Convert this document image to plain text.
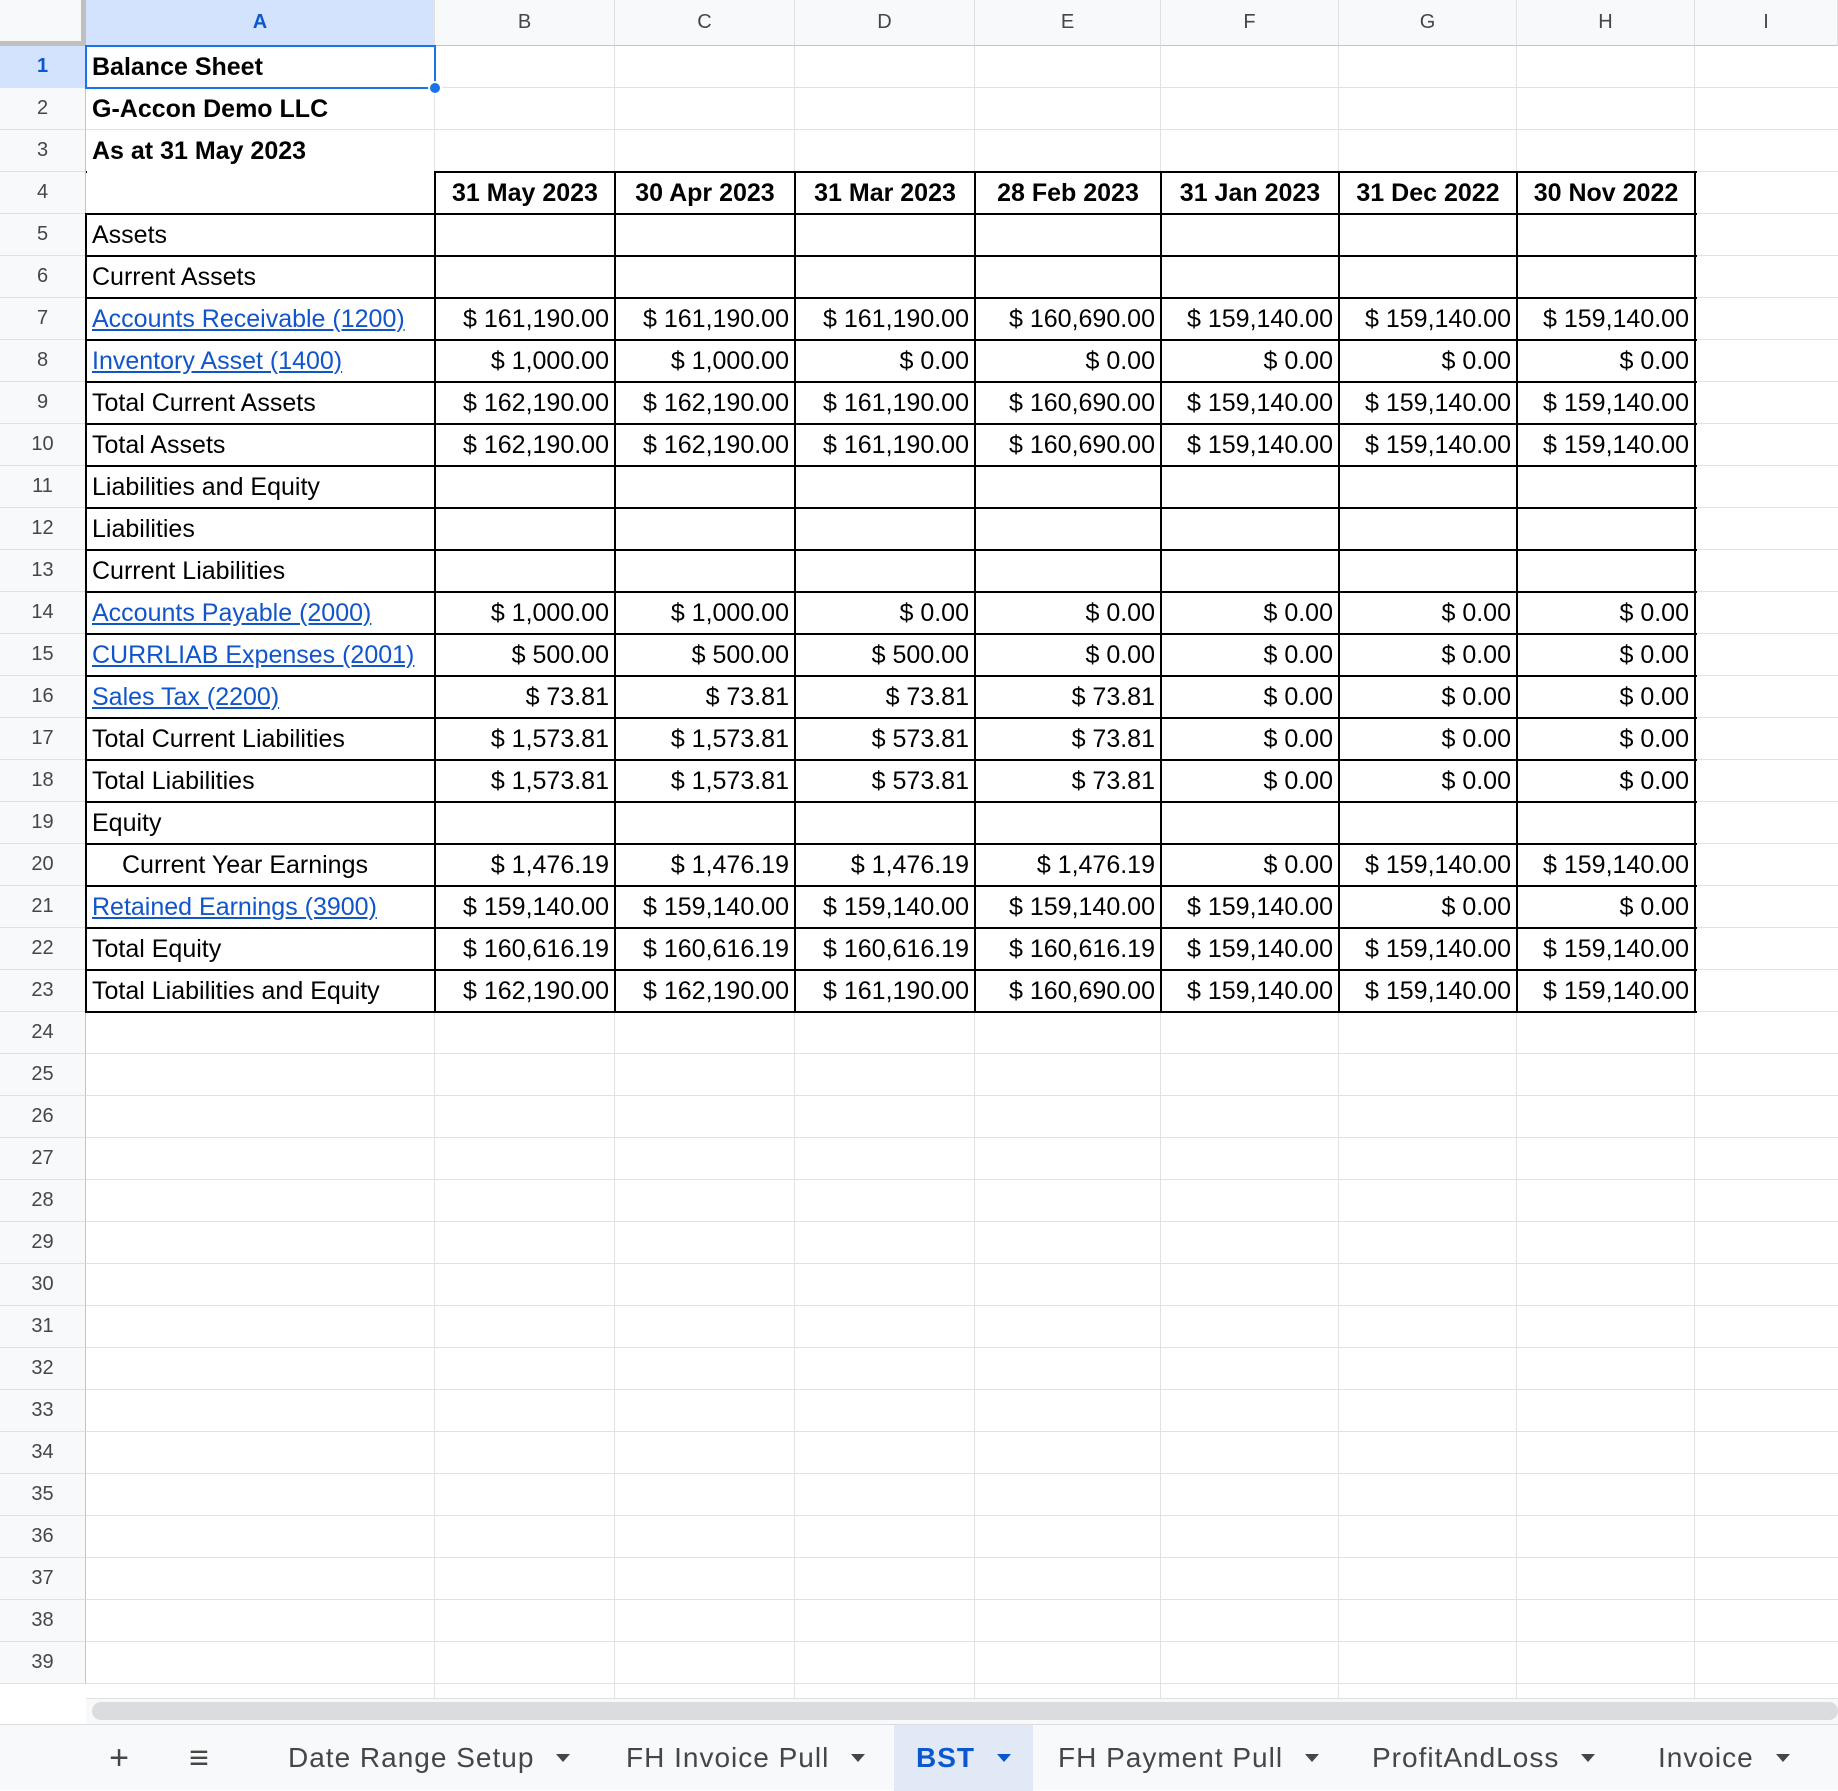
A	B	C	D	E	F	G	H	I
1
2
3
4
5
6
7
8
9
10
11
12
13
14
15
16
17
18
19
20
21
22
23
24
25
26
27
28
29
30
31
32
33
34
35
36
37
38
39
Balance Sheet
G-Accon Demo LLC
As at 31 May 2023
31 May 2023	30 Apr 2023	31 Mar 2023	28 Feb 2023	31 Jan 2023	31 Dec 2022	30 Nov 2022
Assets
Current Assets
Accounts Receivable (1200)	$ 161,190.00	$ 161,190.00	$ 161,190.00	$ 160,690.00	$ 159,140.00	$ 159,140.00	$ 159,140.00
Inventory Asset (1400)	$ 1,000.00	$ 1,000.00	$ 0.00	$ 0.00	$ 0.00	$ 0.00	$ 0.00
Total Current Assets	$ 162,190.00	$ 162,190.00	$ 161,190.00	$ 160,690.00	$ 159,140.00	$ 159,140.00	$ 159,140.00
Total Assets	$ 162,190.00	$ 162,190.00	$ 161,190.00	$ 160,690.00	$ 159,140.00	$ 159,140.00	$ 159,140.00
Liabilities and Equity
Liabilities
Current Liabilities
Accounts Payable (2000)	$ 1,000.00	$ 1,000.00	$ 0.00	$ 0.00	$ 0.00	$ 0.00	$ 0.00
CURRLIAB Expenses (2001)	$ 500.00	$ 500.00	$ 500.00	$ 0.00	$ 0.00	$ 0.00	$ 0.00
Sales Tax (2200)	$ 73.81	$ 73.81	$ 73.81	$ 73.81	$ 0.00	$ 0.00	$ 0.00
Total Current Liabilities	$ 1,573.81	$ 1,573.81	$ 573.81	$ 73.81	$ 0.00	$ 0.00	$ 0.00
Total Liabilities	$ 1,573.81	$ 1,573.81	$ 573.81	$ 73.81	$ 0.00	$ 0.00	$ 0.00
Equity
Current Year Earnings	$ 1,476.19	$ 1,476.19	$ 1,476.19	$ 1,476.19	$ 0.00	$ 159,140.00	$ 159,140.00
Retained Earnings (3900)	$ 159,140.00	$ 159,140.00	$ 159,140.00	$ 159,140.00	$ 159,140.00	$ 0.00	$ 0.00
Total Equity	$ 160,616.19	$ 160,616.19	$ 160,616.19	$ 160,616.19	$ 159,140.00	$ 159,140.00	$ 159,140.00
Total Liabilities and Equity	$ 162,190.00	$ 162,190.00	$ 161,190.00	$ 160,690.00	$ 159,140.00	$ 159,140.00	$ 159,140.00
+	≡	Date Range Setup	FH Invoice Pull	BST	FH Payment Pull	ProfitAndLoss	Invoice
